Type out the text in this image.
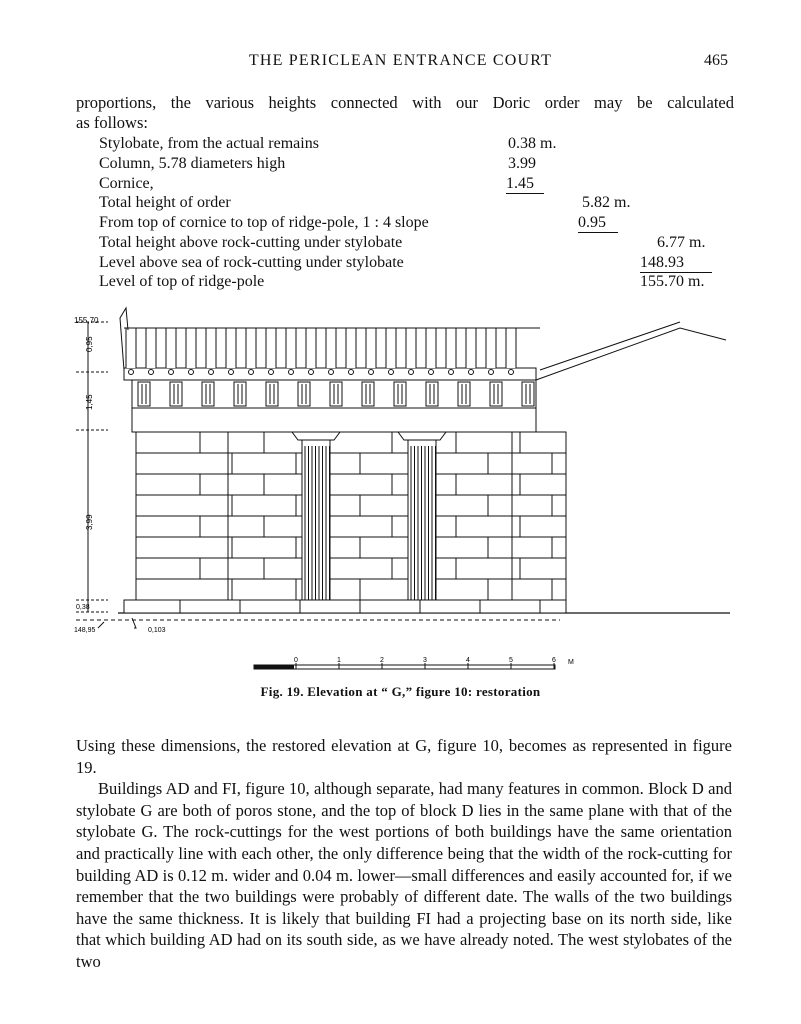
THE PERICLEAN ENTRANCE COURT	465
proportions, the various heights connected with our Doric order may be calculated
as follows:
Stylobate, from the actual remains	0.38 m.
Column, 5.78 diameters high	3.99
Cornice,	1.45
Total height of order	5.82 m.
From top of cornice to top of ridge-pole, 1 : 4 slope	0.95
Total height above rock-cutting under stylobate	6.77 m.
Level above sea of rock-cutting under stylobate	148.93
Level of top of ridge-pole	155.70 m.
155,70
0,95
1,45
3,99
0,38
148,95	0,103
0	1	2	3	4	5	6 M
Fig. 19. Elevation at “ G,” figure 10: restoration

Using these dimensions, the restored elevation at G, figure 10, becomes as represented in figure 19.

Buildings AD and FI, figure 10, although separate, had many features in common. Block D and stylobate G are both of poros stone, and the top of block D lies in the same plane with that of the stylobate G. The rock-cuttings for the west portions of both buildings have the same orientation and practically line with each other, the only difference being that the width of the rock-cutting for building AD is 0.12 m. wider and 0.04 m. lower—small differences and easily accounted for, if we remember that the two buildings were probably of different date. The walls of the two buildings have the same thickness. It is likely that building FI had a projecting base on its north side, like that which building AD had on its south side, as we have already noted. The west stylobates of the two
